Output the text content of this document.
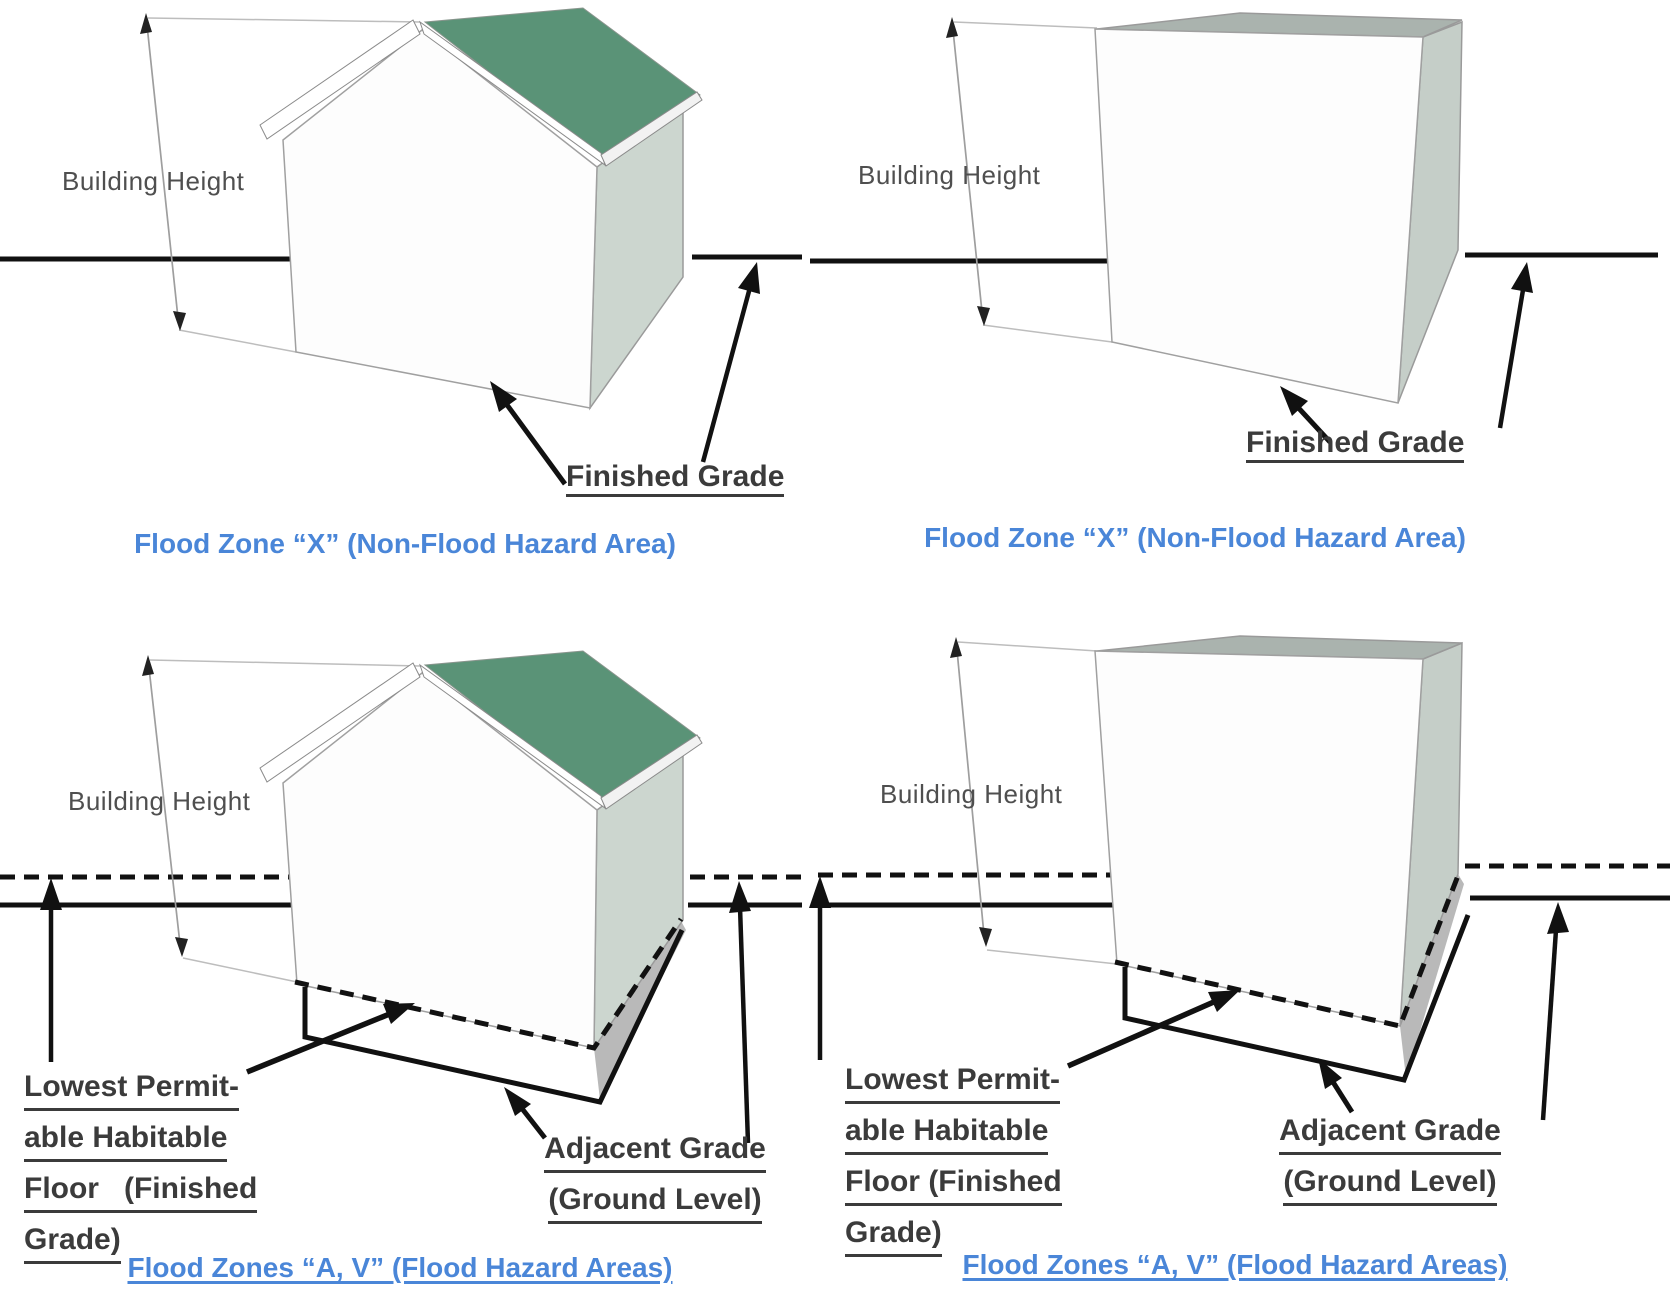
Building Height	Building Height
Building Height	Building Height
Finished Grade
Finished Grade
Lowest Permit-
able Habitable
Floor   (Finished
Grade)
Lowest Permit-
able Habitable
Floor (Finished
Grade)
Adjacent Grade
(Ground Level)
Adjacent Grade
(Ground Level)
Flood Zone “X” (Non-Flood Hazard Area)	Flood Zone “X” (Non-Flood Hazard Area)
Flood Zones “A, V” (Flood Hazard Areas)	Flood Zones “A, V” (Flood Hazard Areas)
